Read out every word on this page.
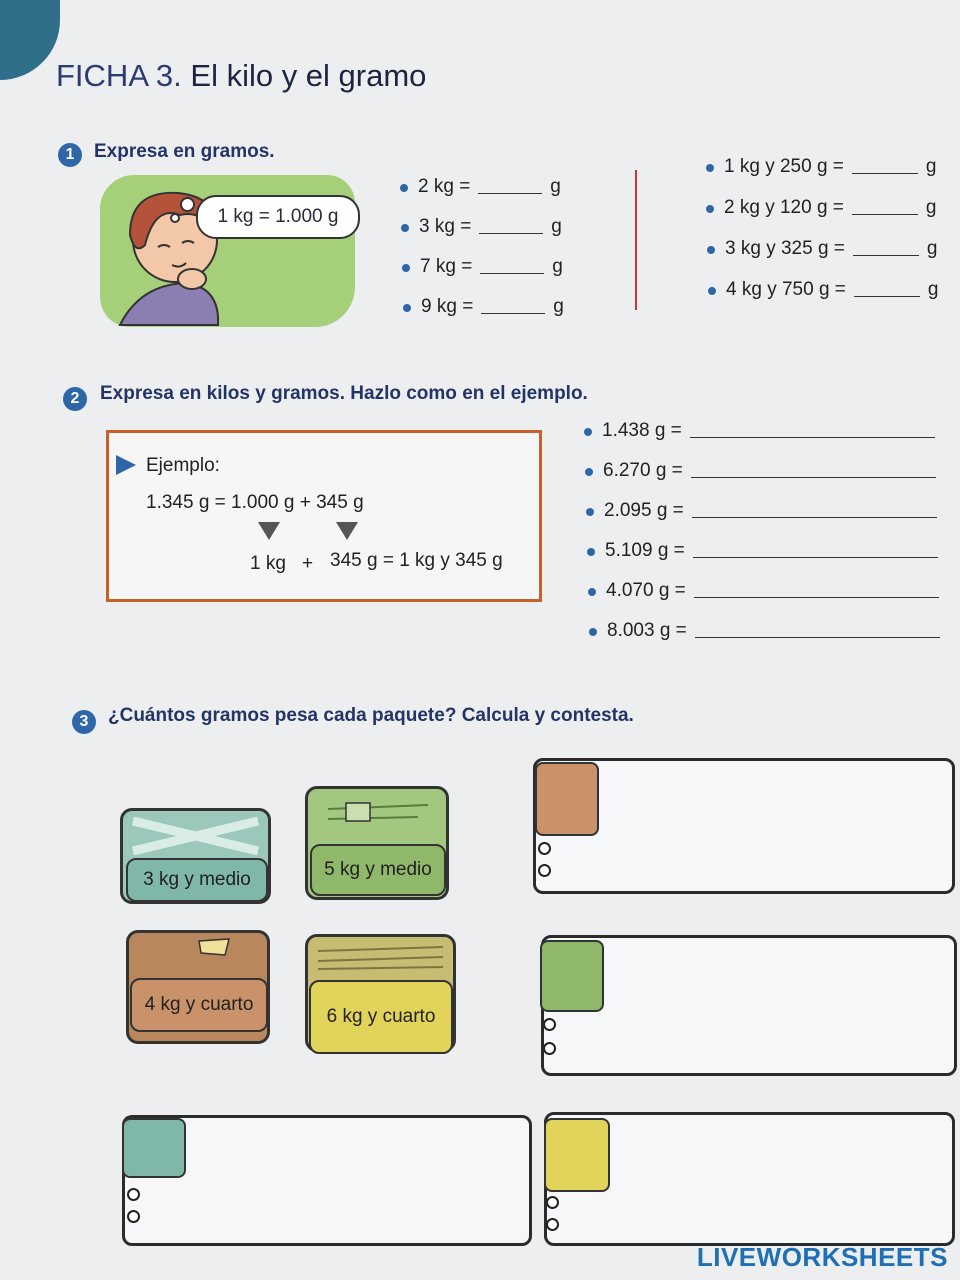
FICHA 3. El kilo y el gramo
1	Expresa en gramos.
1 kg = 1.000 g
2 kg =	g
3 kg =	g
7 kg =	g
9 kg =	g
1 kg y 250 g =	g
2 kg y 120 g =	g
3 kg y 325 g =	g
4 kg y 750 g =	g
2	Expresa en kilos y gramos. Hazlo como en el ejemplo.
Ejemplo:
1.345 g = 1.000 g + 345 g
1 kg + 345 g = 1 kg y 345 g
1.438 g =
6.270 g =
2.095 g =
5.109 g =
4.070 g =
8.003 g =
3	¿Cuántos gramos pesa cada paquete? Calcula y contesta.
3 kg y medio	5 kg y medio
4 kg y cuarto
6 kg y cuarto
LIVEWORKSHEETS
